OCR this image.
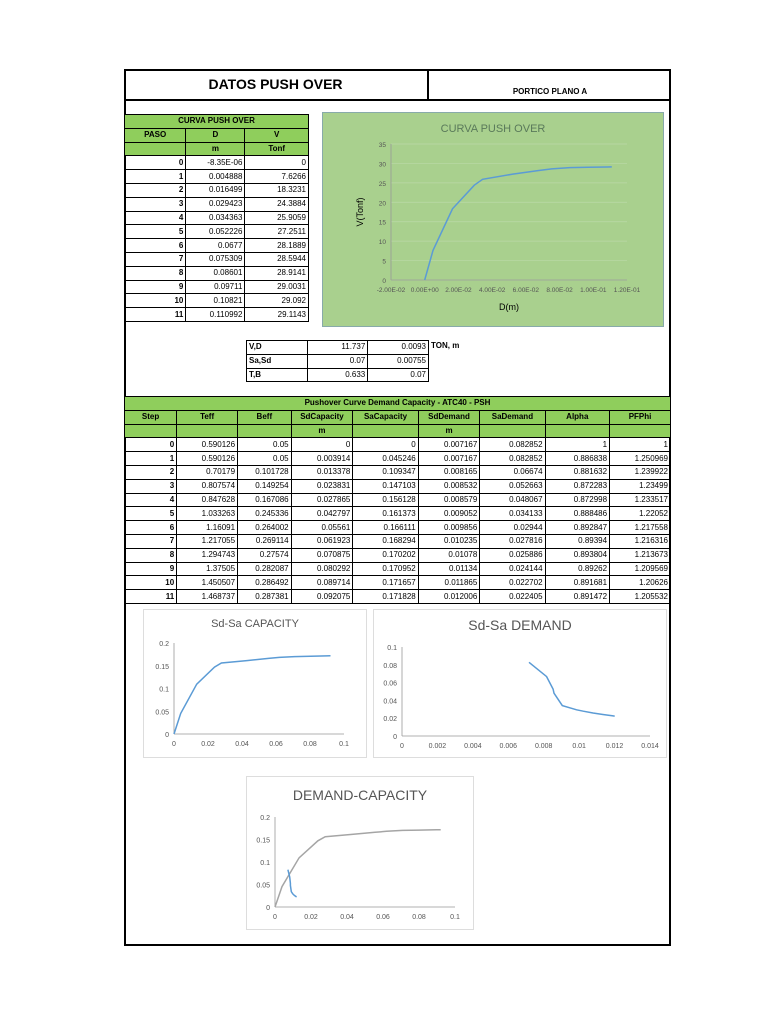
DATOS PUSH OVER	PORTICO PLANO A
CURVA PUSH OVER		
PASO	D	V
	m	Tonf
0	-8.35E-06	0
1	0.004888	7.6266
2	0.016499	18.3231
3	0.029423	24.3884
4	0.034363	25.9059
5	0.052226	27.2511
6	0.0677	28.1889
7	0.075309	28.5944
8	0.08601	28.9141
9	0.09711	29.0031
10	0.10821	29.092
11	0.110992	29.1143
V,D	11.737	0.0093
Sa,Sd	0.07	0.00755
T,B	0.633	0.07
TON, m
Pushover Curve Demand Capacity - ATC40 - PSH								
Step	Teff	Beff	SdCapacity	SaCapacity	SdDemand	SaDemand	Alpha	PFPhi
			m		m			
0	0.590126	0.05	0	0	0.007167	0.082852	1	1
1	0.590126	0.05	0.003914	0.045246	0.007167	0.082852	0.886838	1.250969
2	0.70179	0.101728	0.013378	0.109347	0.008165	0.06674	0.881632	1.239922
3	0.807574	0.149254	0.023831	0.147103	0.008532	0.052663	0.872283	1.23499
4	0.847628	0.167086	0.027865	0.156128	0.008579	0.048067	0.872998	1.233517
5	1.033263	0.245336	0.042797	0.161373	0.009052	0.034133	0.888486	1.22052
6	1.16091	0.264002	0.05561	0.166111	0.009856	0.02944	0.892847	1.217558
7	1.217055	0.269114	0.061923	0.168294	0.010235	0.027816	0.89394	1.216316
8	1.294743	0.27574	0.070875	0.170202	0.01078	0.025886	0.893804	1.213673
9	1.37505	0.282087	0.080292	0.170952	0.01134	0.024144	0.89262	1.209569
10	1.450507	0.286492	0.089714	0.171657	0.011865	0.022702	0.891681	1.20626
11	1.468737	0.287381	0.092075	0.171828	0.012006	0.022405	0.891472	1.205532
CURVA PUSH OVER
0
5
10
15
20
25
30
35
-2.00E-02 0.00E+00 2.00E-02 4.00E-02 6.00E-02 8.00E-02 1.00E-01 1.20E-01
D(m)
V(Tonf)
Sd-Sa CAPACITY
0
0.05
0.1
0.15
0.2
0	0.02	0.04	0.06	0.08	0.1
Sd-Sa DEMAND
0
0.02
0.04
0.06
0.08
0.1
0	0.002	0.004	0.006	0.008	0.01	0.012	0.014
DEMAND-CAPACITY
0
0.05
0.1
0.15
0.2
0	0.02	0.04	0.06	0.08	0.1
